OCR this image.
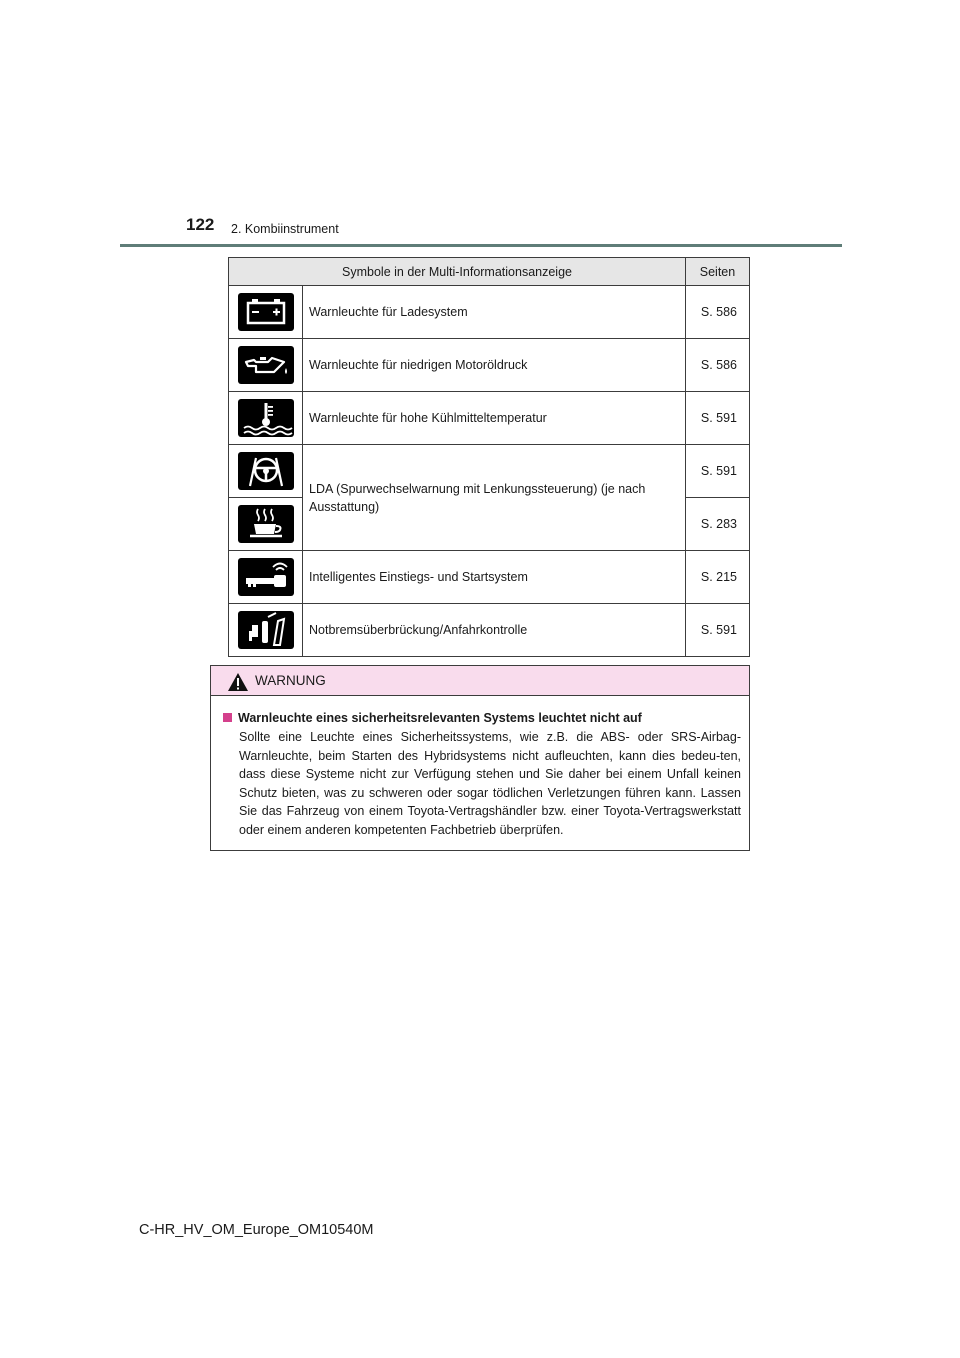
122 2. Kombiinstrument
Symbole in der Multi-Informationsanzeige		Seiten

	Warnleuchte für Ladesystem	S. 586

	Warnleuchte für niedrigen Motoröldruck	S. 586

	Warnleuchte für hohe Kühlmitteltemperatur	S. 591

	LDA (Spurwechselwarnung mit Lenkungssteuerung) (je nach Ausstattung)	S. 591

	S. 283

	Intelligentes Einstiegs- und Startsystem	S. 215

	Notbremsüberbrückung/Anfahrkontrolle	S. 591
WARNUNG
Warnleuchte eines sicherheitsrelevanten Systems leuchtet nicht auf
Sollte eine Leuchte eines Sicherheitssystems, wie z.B. die ABS- oder SRS-Airbag-Warnleuchte, beim Starten des Hybridsystems nicht aufleuchten, kann dies bedeu-ten, dass diese Systeme nicht zur Verfügung stehen und Sie daher bei einem Unfall keinen Schutz bieten, was zu schweren oder sogar tödlichen Verletzungen führen kann. Lassen Sie das Fahrzeug von einem Toyota-Vertragshändler bzw. einer Toyota-Vertragswerkstatt oder einem anderen kompetenten Fachbetrieb überprüfen.
C-HR_HV_OM_Europe_OM10540M
